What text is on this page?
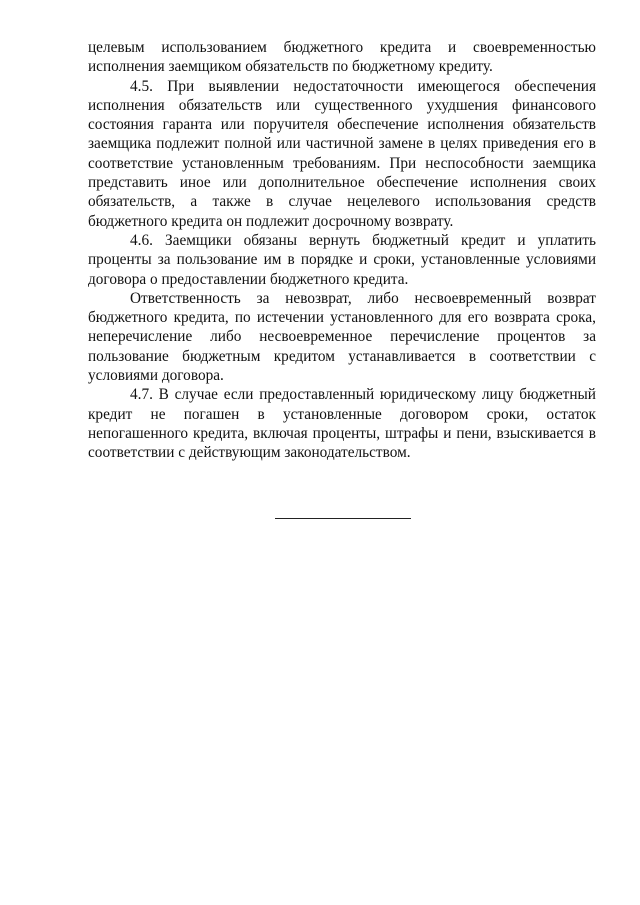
целевым использованием бюджетного кредита и своевременностью
исполнения заемщиком обязательств по бюджетному кредиту.
4.5. При выявлении недостаточности имеющегося обеспечения
исполнения обязательств или существенного ухудшения финансового
состояния гаранта или поручителя обеспечение исполнения обязательств
заемщика подлежит полной или частичной замене в целях приведения его в
соответствие установленным требованиям. При неспособности заемщика
представить иное или дополнительное обеспечение исполнения своих
обязательств, а также в случае нецелевого использования средств
бюджетного кредита он подлежит досрочному возврату.
4.6. Заемщики обязаны вернуть бюджетный кредит и уплатить
проценты за пользование им в порядке и сроки, установленные условиями
договора о предоставлении бюджетного кредита.
Ответственность за невозврат, либо несвоевременный возврат
бюджетного кредита, по истечении установленного для его возврата срока,
неперечисление либо несвоевременное перечисление процентов за
пользование бюджетным кредитом устанавливается в соответствии с
условиями договора.
4.7. В случае если предоставленный юридическому лицу бюджетный
кредит не погашен в установленные договором сроки, остаток
непогашенного кредита, включая проценты, штрафы и пени, взыскивается в
соответствии с действующим законодательством.
